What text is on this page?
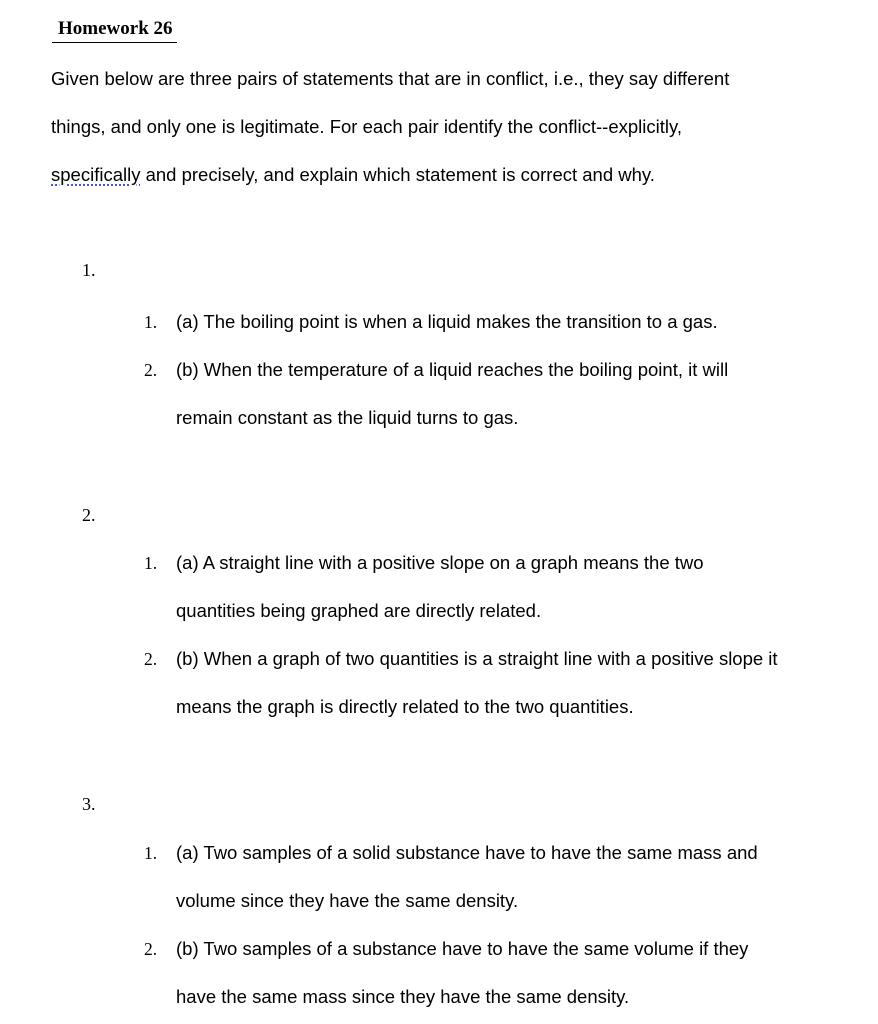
Homework 26
Given below are three pairs of statements that are in conflict, i.e., they say different
things, and only one is legitimate. For each pair identify the conflict--explicitly,
specifically and precisely, and explain which statement is correct and why.
1.
1. (a) The boiling point is when a liquid makes the transition to a gas.
2. (b) When the temperature of a liquid reaches the boiling point, it will
remain constant as the liquid turns to gas.
2.
1. (a) A straight line with a positive slope on a graph means the two
quantities being graphed are directly related.
2. (b) When a graph of two quantities is a straight line with a positive slope it
means the graph is directly related to the two quantities.
3.
1. (a) Two samples of a solid substance have to have the same mass and
volume since they have the same density.
2. (b) Two samples of a substance have to have the same volume if they
have the same mass since they have the same density.
